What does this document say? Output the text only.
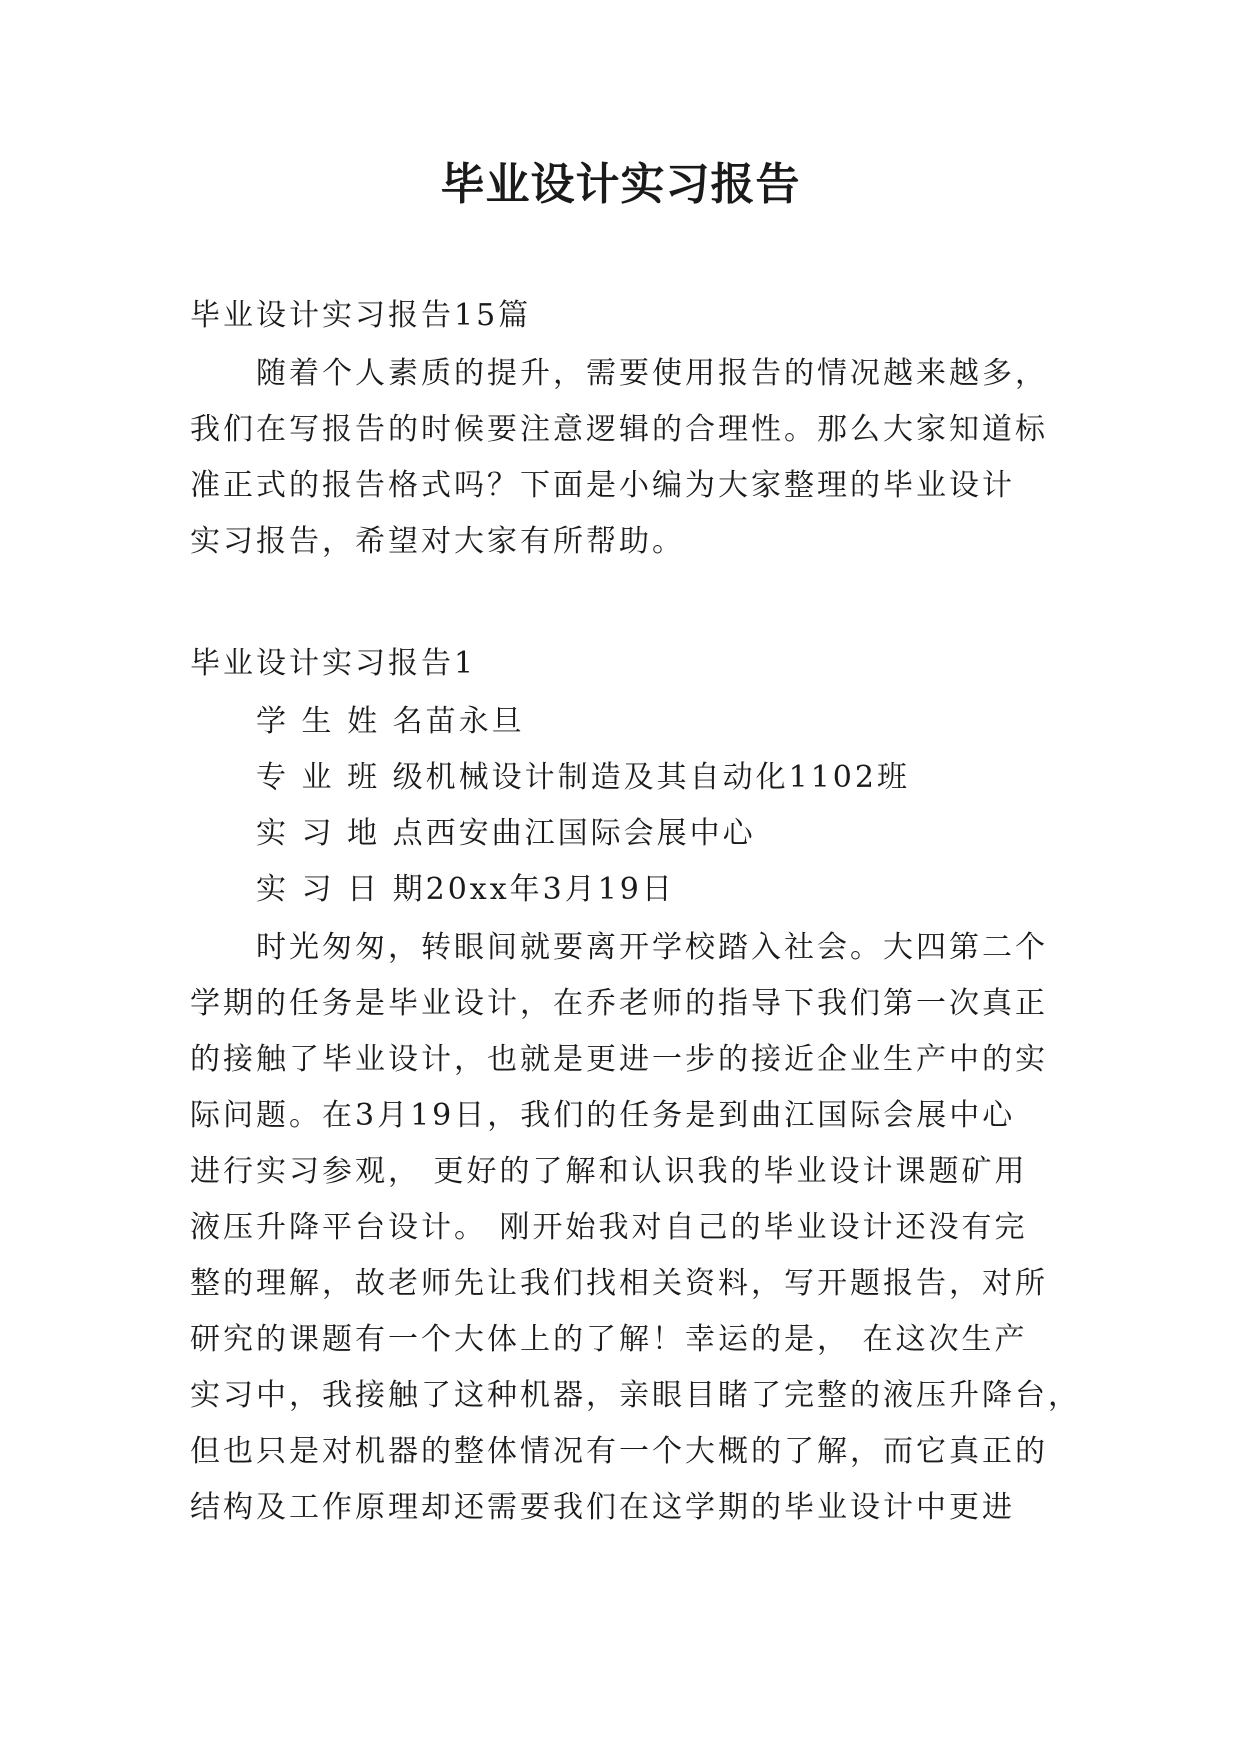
毕业设计实习报告
毕业设计实习报告15篇
随着个人素质的提升，需要使用报告的情况越来越多，
我们在写报告的时候要注意逻辑的合理性。那么大家知道标
准正式的报告格式吗？下面是小编为大家整理的毕业设计
实习报告，希望对大家有所帮助。
毕业设计实习报告1
学 生 姓 名苗永旦
专 业 班 级机械设计制造及其自动化1102班
实 习 地 点西安曲江国际会展中心
实 习 日 期20xx年3月19日
时光匆匆，转眼间就要离开学校踏入社会。大四第二个
学期的任务是毕业设计，在乔老师的指导下我们第一次真正
的接触了毕业设计，也就是更进一步的接近企业生产中的实
际问题。在3月19日，我们的任务是到曲江国际会展中心
进行实习参观， 更好的了解和认识我的毕业设计课题矿用
液压升降平台设计。 刚开始我对自己的毕业设计还没有完
整的理解，故老师先让我们找相关资料，写开题报告，对所
研究的课题有一个大体上的了解！幸运的是， 在这次生产
实习中，我接触了这种机器，亲眼目睹了完整的液压升降台，
但也只是对机器的整体情况有一个大概的了解，而它真正的
结构及工作原理却还需要我们在这学期的毕业设计中更进
